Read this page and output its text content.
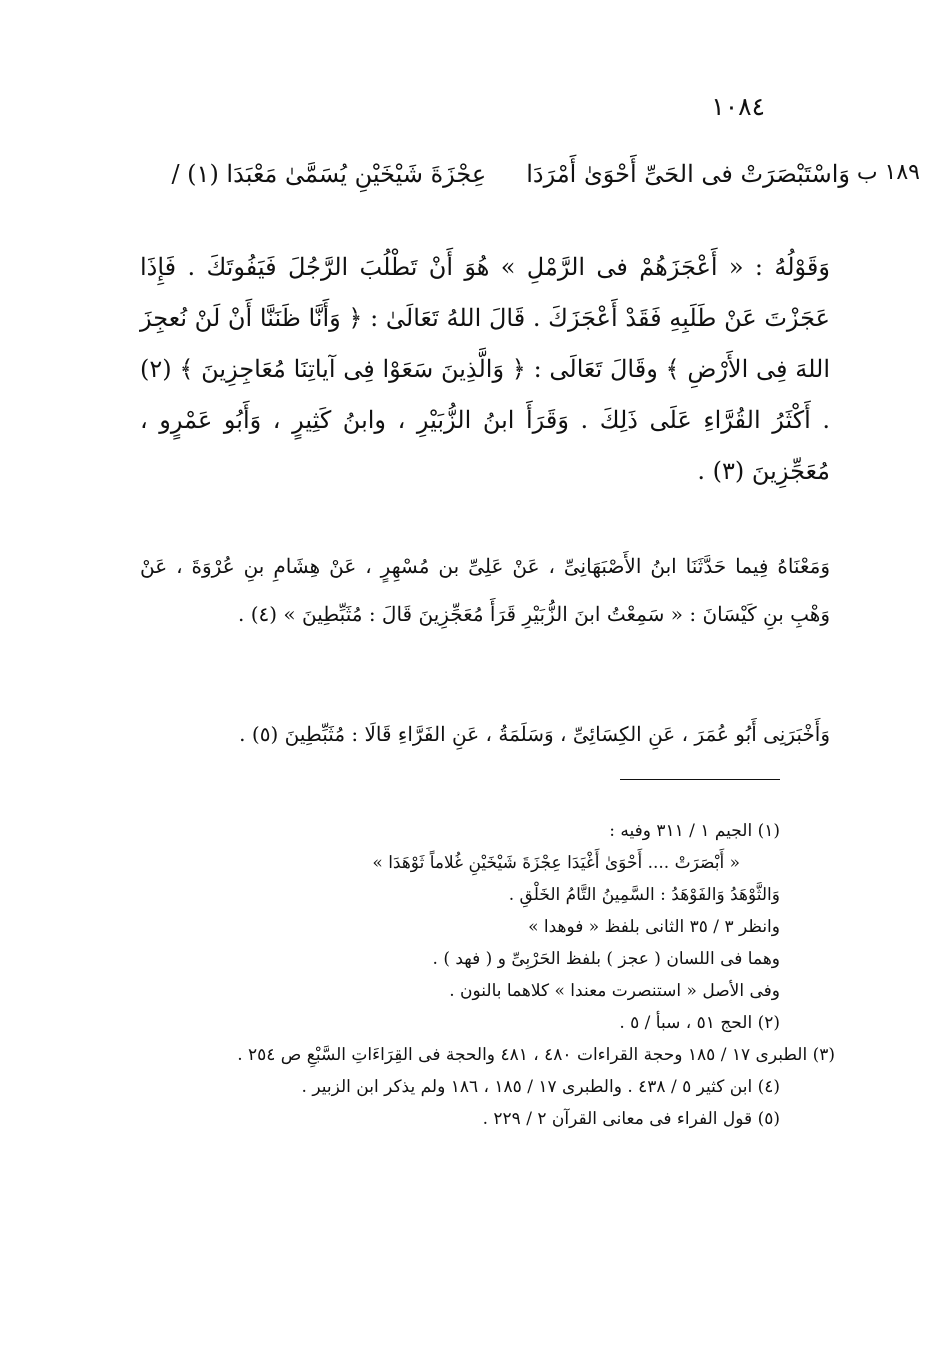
١٠٨٤
١٨٩ ب
وَاسْتَبْصَرَتْ فى الحَىِّ أَحْوَىٰ أَمْرَدَا
عِجْزَةَ شَيْخَيْنِ يُسَمَّىٰ مَعْبَدَا (١) /

وَقَوْلُهُ : « أَعْجَزَهُمْ فى الرَّمْلِ » هُوَ أَنْ تَطْلُبَ الرَّجُلَ فَيَفُوتَكَ . فَإِذَا عَجَزْتَ عَنْ طَلَبِهِ فَقَدْ أَعْجَزَكَ . قَالَ اللهُ تَعَالَىٰ : ﴿ وَأَنَّا ظَنَنَّا أَنْ لَنْ نُعجِزَ اللهَ فِى الأَرْضِ ﴾ وقَالَ تَعَالَى : ﴿ وَالَّذِينَ سَعَوْا فِى آياتِنَا مُعَاجِزِينَ ﴾ (٢) . أَكْثَرُ القُرَّاءِ عَلَى ذَلِكَ . وَقَرَأَ ابنُ الزُّبَيْرِ ، وابنُ كَثِيرٍ ، وَأَبُو عَمْرٍو ، مُعَجِّزِينَ (٣) .

وَمَعْنَاهُ فِيما حَدَّثَنَا ابنُ الأَصْبَهَانِىِّ ، عَنْ عَلِىِّ بن مُسْهِرٍ ، عَنْ هِشَامِ بنِ عُرْوَةَ ، عَنْ وَهْبِ بنِ كَيْسَانَ : « سَمِعْتُ ابنَ الزُّبَيْرِ قَرَأَ مُعَجِّزِينَ قَالَ : مُثَبِّطِينَ » (٤) .

وَأَخْبَرَنِى أَبُو عُمَرَ ، عَنِ الكِسَائِىِّ ، وَسَلَمَةُ ، عَنِ الفَرَّاءِ قَالَا : مُثَبِّطِينَ (٥) .

(١) الجيم ١ / ٣١١ وفيه :

« أَبْصَرَتْ .... أَحْوَىٰ أَغْيَدَا عِجْزَةَ شَيْخَيْنِ غُلاماً ثَوْهَدَا »

وَالثَّوْهَدُ وَالفَوْهَدُ : السَّمِينُ التَّامُ الخَلْقِ .

وانظر ٣ / ٣٥ الثانى بلفظ « فوهدا »

وهما فى اللسان ( عجز ) بلفظ الحَرْبِىِّ و ( فهد ) .

وفى الأصل « استنصرت معندا » كلاهما بالنون .

(٢) الحج ٥١ ، سبأ / ٥ .

(٣) الطبرى ١٧ / ١٨٥ وحجة القراءات ٤٨٠ ، ٤٨١ والحجة فى القِرَاءَاتِ السَّبْعِ ص ٢٥٤ .

(٤) ابن كثير ٥ / ٤٣٨ . والطبرى ١٧ / ١٨٥ ، ١٨٦ ولم يذكر ابن الزبير .

(٥) قول الفراء فى معانى القرآن ٢ / ٢٢٩ .
